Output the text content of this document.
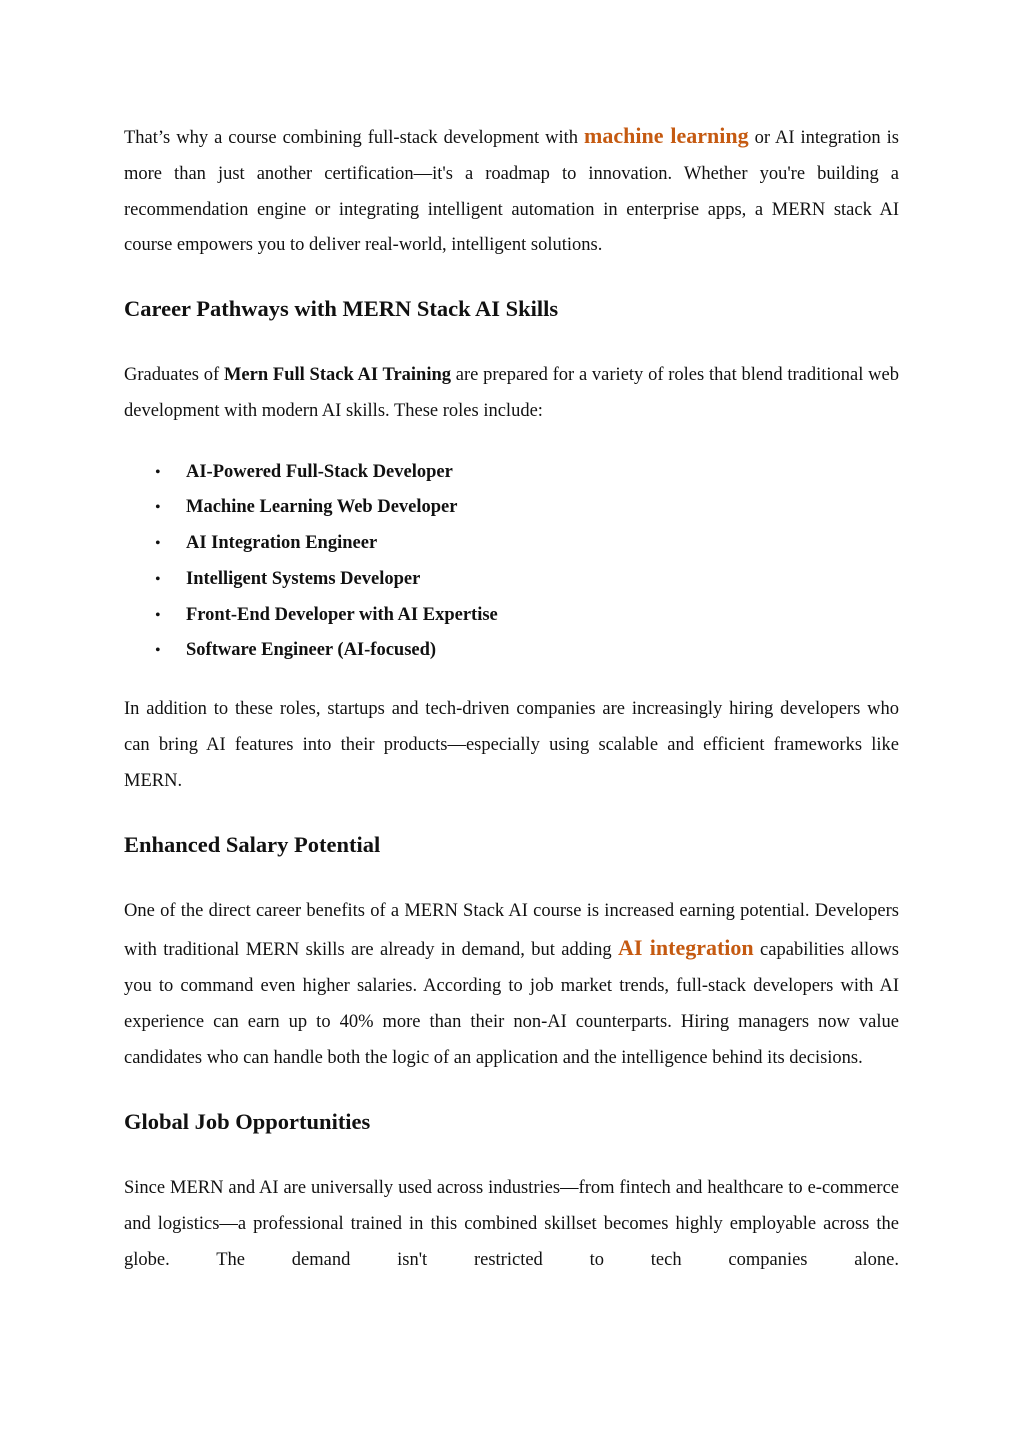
That’s why a course combining full-stack development with machine learning or AI integration is more than just another certification—it's a roadmap to innovation. Whether you're building a recommendation engine or integrating intelligent automation in enterprise apps, a MERN stack AI course empowers you to deliver real-world, intelligent solutions.

Career Pathways with MERN Stack AI Skills

Graduates of Mern Full Stack AI Training are prepared for a variety of roles that blend traditional web development with modern AI skills. These roles include:

• AI-Powered Full-Stack Developer
• Machine Learning Web Developer
• AI Integration Engineer
• Intelligent Systems Developer
• Front-End Developer with AI Expertise
• Software Engineer (AI-focused)

In addition to these roles, startups and tech-driven companies are increasingly hiring developers who can bring AI features into their products—especially using scalable and efficient frameworks like MERN.

Enhanced Salary Potential

One of the direct career benefits of a MERN Stack AI course is increased earning potential. Developers with traditional MERN skills are already in demand, but adding AI integration capabilities allows you to command even higher salaries. According to job market trends, full-stack developers with AI experience can earn up to 40% more than their non-AI counterparts. Hiring managers now value candidates who can handle both the logic of an application and the intelligence behind its decisions.

Global Job Opportunities

Since MERN and AI are universally used across industries—from fintech and healthcare to e-commerce and logistics—a professional trained in this combined skillset becomes highly employable across the globe. The demand isn't restricted to tech companies alone.
